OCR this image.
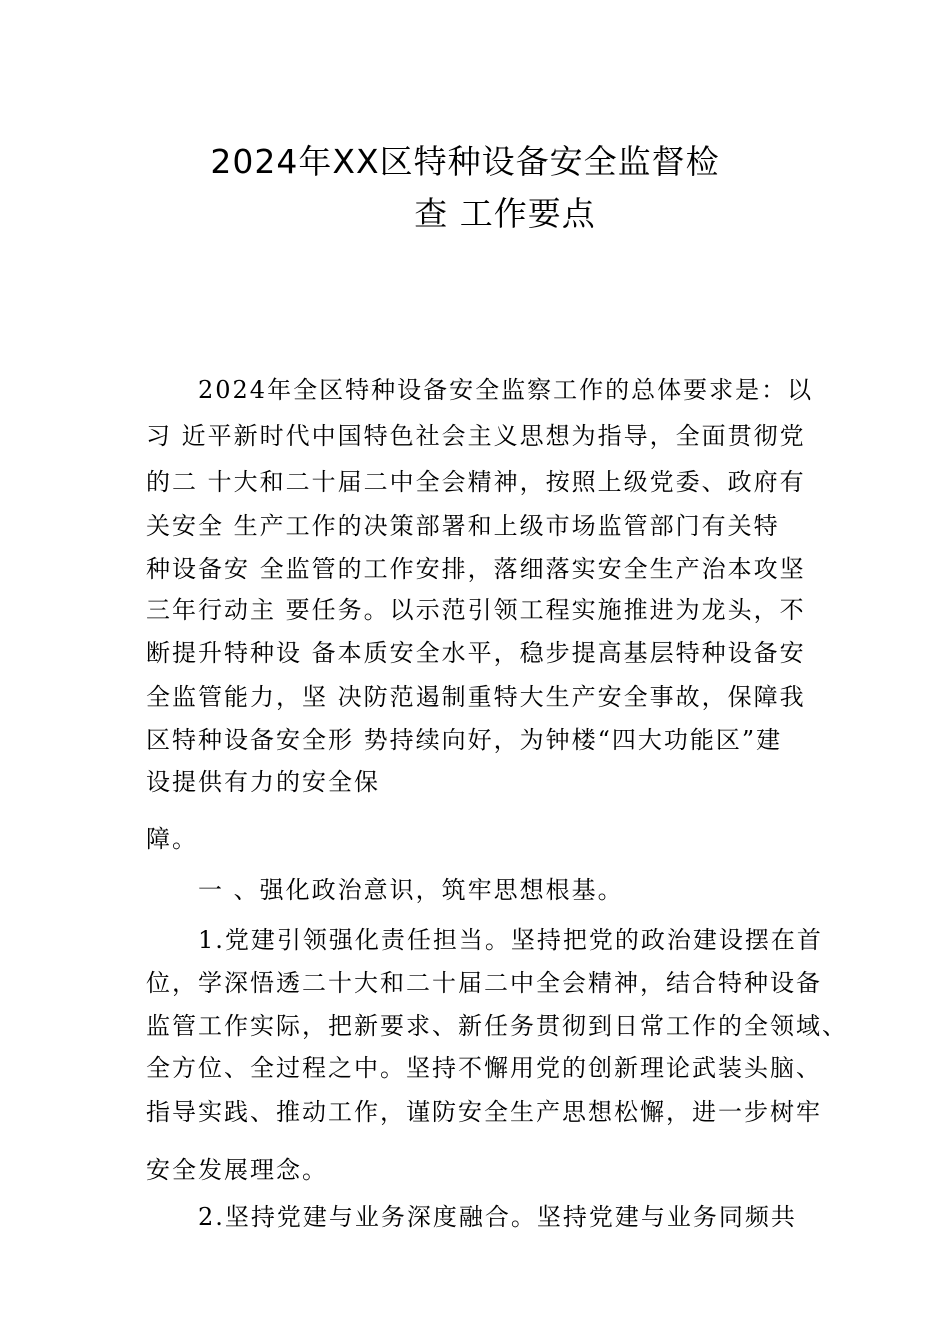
2024年XX区特种设备安全监督检
查 工作要点
2024年全区特种设备安全监察工作的总体要求是：以
习 近平新时代中国特色社会主义思想为指导，全面贯彻党
的二 十大和二十届二中全会精神，按照上级党委、政府有
关安全 生产工作的决策部署和上级市场监管部门有关特
种设备安 全监管的工作安排，落细落实安全生产治本攻坚
三年行动主 要任务。以示范引领工程实施推进为龙头，不
断提升特种设 备本质安全水平，稳步提高基层特种设备安
全监管能力，坚 决防范遏制重特大生产安全事故，保障我
区特种设备安全形 势持续向好，为钟楼“四大功能区”建
设提供有力的安全保
障。
一 、强化政治意识，筑牢思想根基。
1.党建引领强化责任担当。坚持把党的政治建设摆在首
位，学深悟透二十大和二十届二中全会精神，结合特种设备
监管工作实际，把新要求、新任务贯彻到日常工作的全领域、
全方位、全过程之中。坚持不懈用党的创新理论武装头脑、
指导实践、推动工作，谨防安全生产思想松懈，进一步树牢
安全发展理念。
2.坚持党建与业务深度融合。坚持党建与业务同频共
